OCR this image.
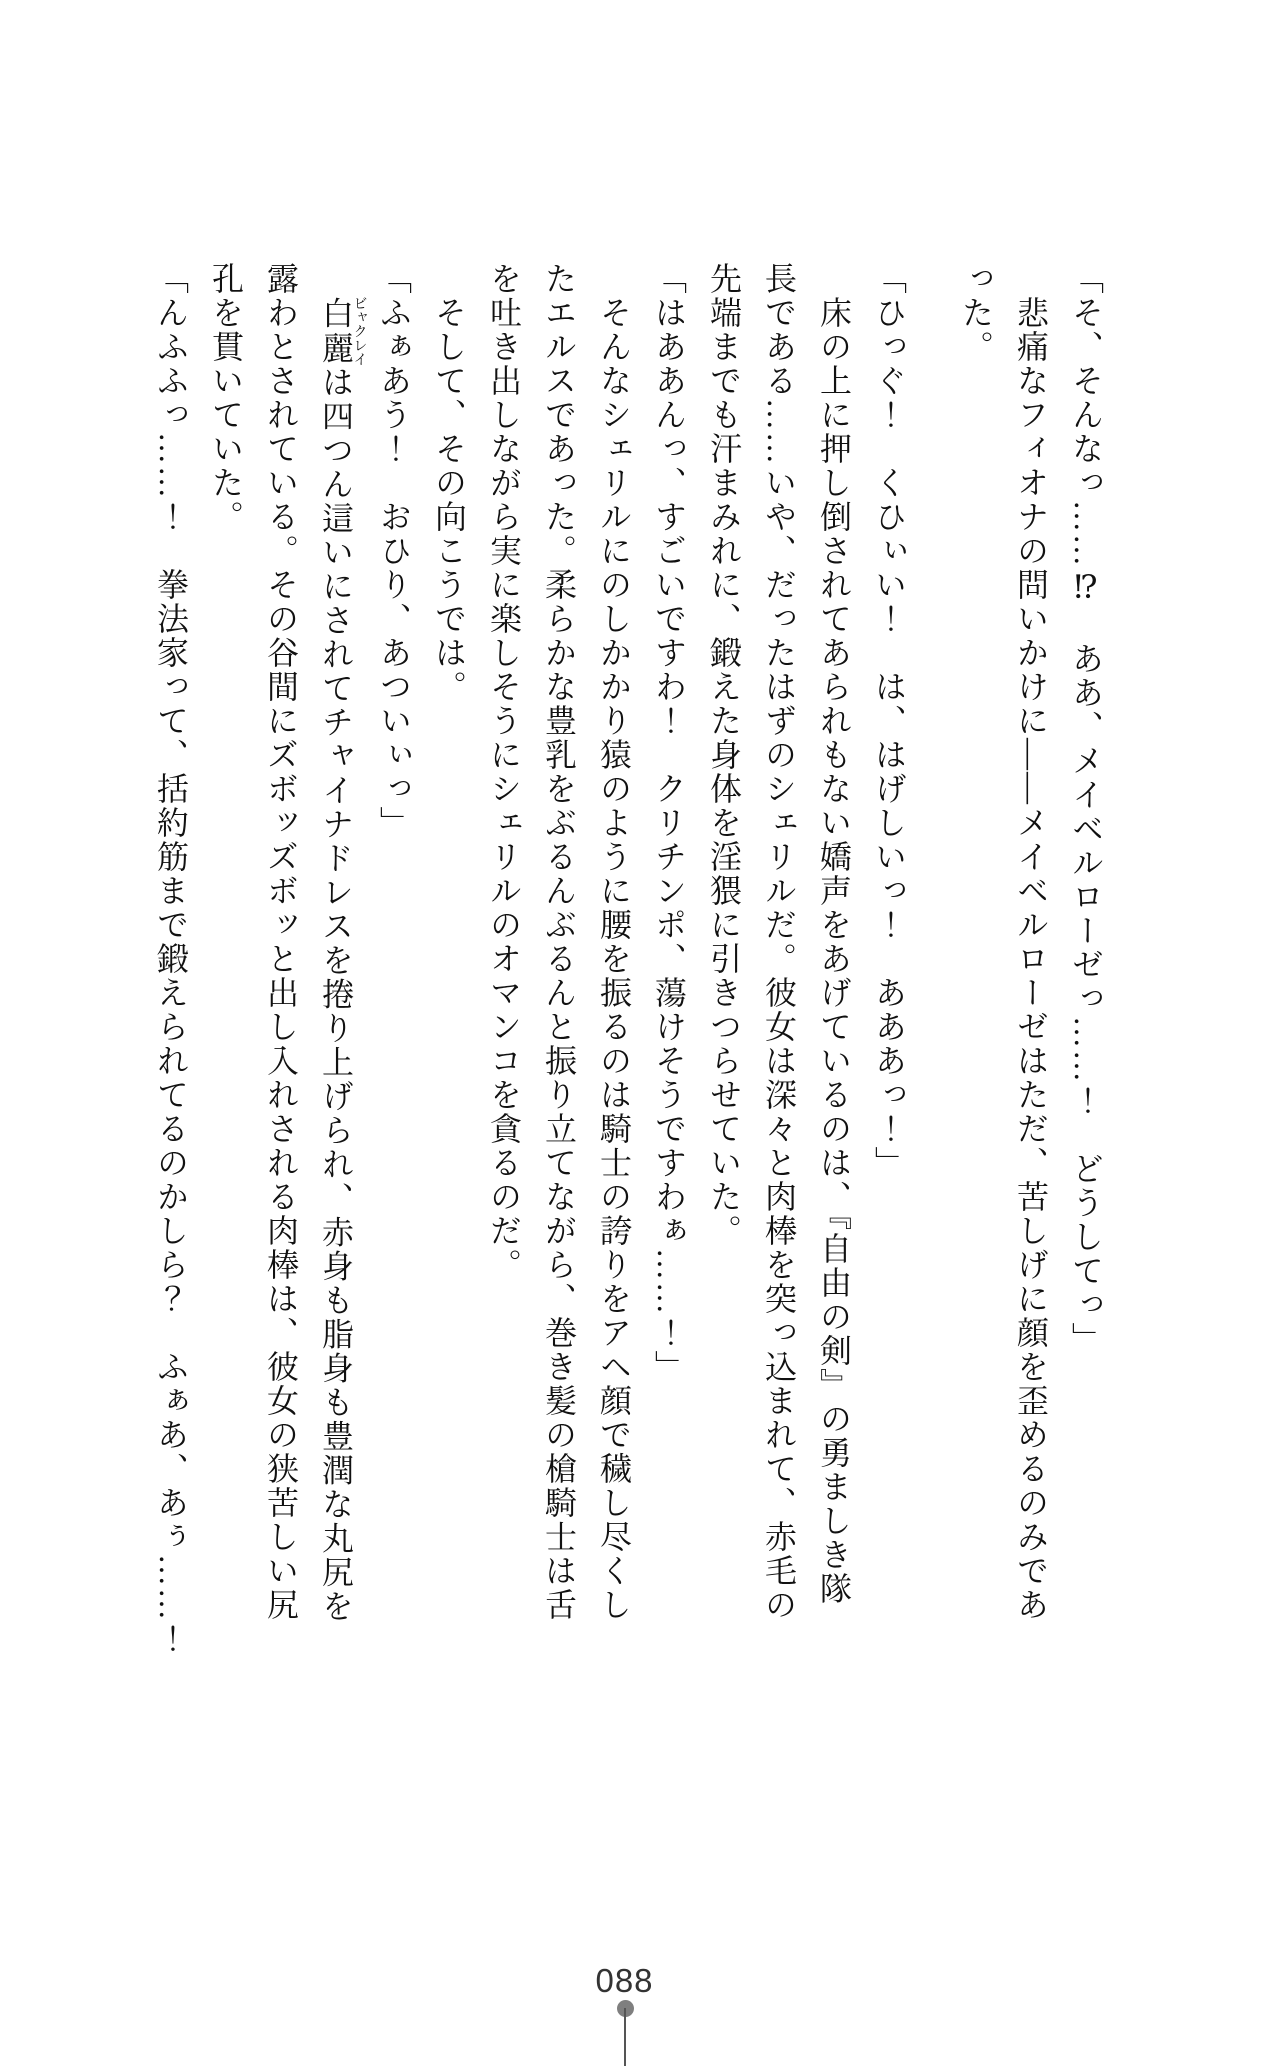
「そ、そんなっ……⁉　ああ、メイベルローゼっ……！　どうしてっ」

悲痛なフィオナの問いかけに――メイベルローゼはただ、苦しげに顔を歪めるのみであ

った。

「ひっぐ！　くひぃい！　は、はげしいっ！　あああっ！」

床の上に押し倒されてあられもない嬌声をあげているのは、『自由の剣』の勇ましき隊

長である……いや、だったはずのシェリルだ。彼女は深々と肉棒を突っ込まれて、赤毛の

先端までも汗まみれに、鍛えた身体を淫猥に引きつらせていた。

「はああんっ、すごいですわ！　クリチンポ、蕩けそうですわぁ……！」

そんなシェリルにのしかかり猿のように腰を振るのは騎士の誇りをアヘ顔で穢し尽くし

たエルスであった。柔らかな豊乳をぶるんぶるんと振り立てながら、巻き髪の槍騎士は舌

を吐き出しながら実に楽しそうにシェリルのオマンコを貪るのだ。

そして、その向こうでは。

「ふぁあう！　おひり、あついぃっ」

白麗ビャクレイは四つん這いにされてチャイナドレスを捲り上げられ、赤身も脂身も豊潤な丸尻を

露わとされている。その谷間にズボッズボッと出し入れされる肉棒は、彼女の狭苦しい尻

孔を貫いていた。

「んふふっ……！　拳法家って、括約筋まで鍛えられてるのかしら？　ふぁあ、あぅ……！

088
